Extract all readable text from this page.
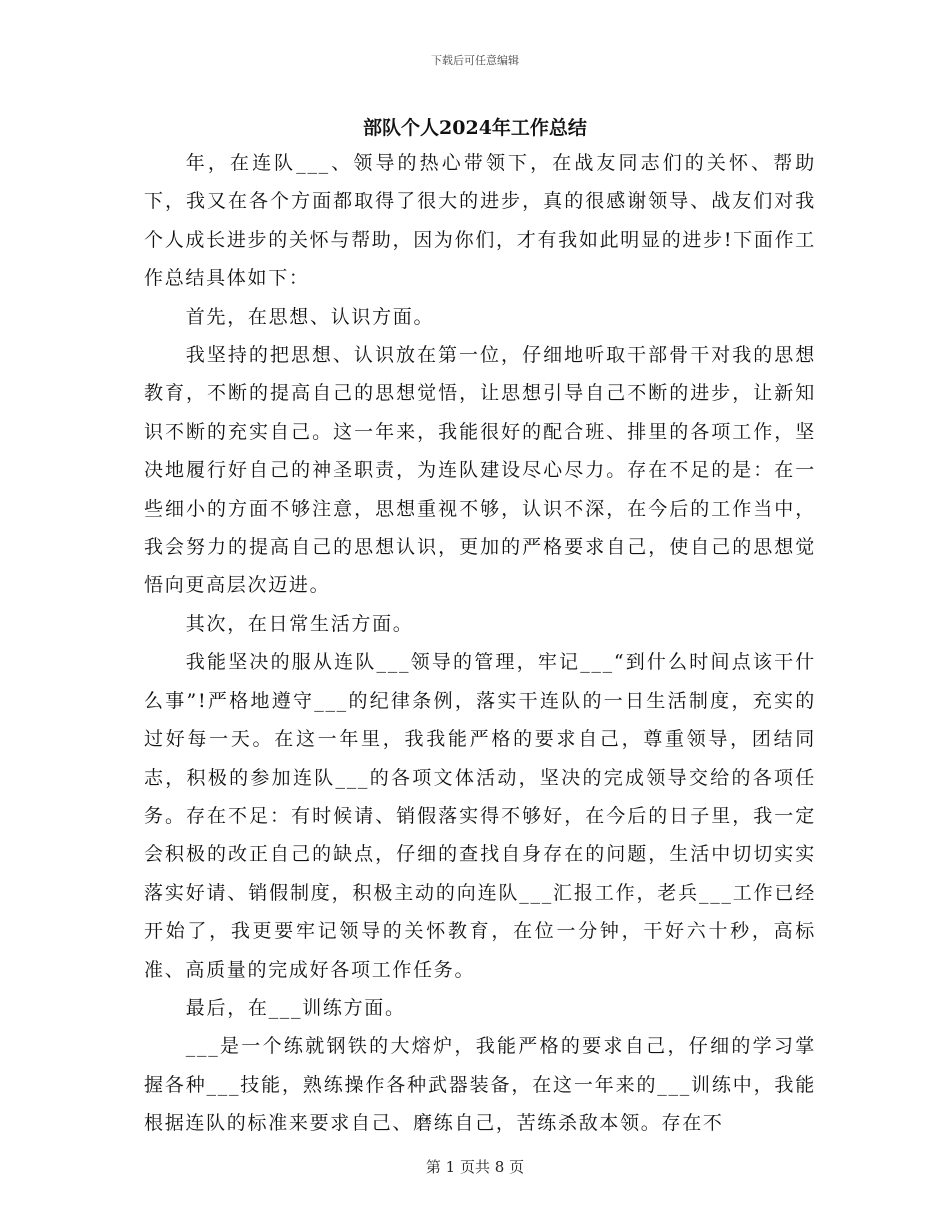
下载后可任意编辑
部队个人2024年工作总结

年，在连队___、领导的热心带领下，在战友同志们的关怀、帮助下，我又在各个方面都取得了很大的进步，真的很感谢领导、战友们对我个人成长进步的关怀与帮助，因为你们，才有我如此明显的进步!下面作工作总结具体如下：

首先，在思想、认识方面。

我坚持的把思想、认识放在第一位，仔细地听取干部骨干对我的思想教育，不断的提高自己的思想觉悟，让思想引导自己不断的进步，让新知识不断的充实自己。这一年来，我能很好的配合班、排里的各项工作，坚决地履行好自己的神圣职责，为连队建设尽心尽力。存在不足的是：在一些细小的方面不够注意，思想重视不够，认识不深，在今后的工作当中，我会努力的提高自己的思想认识，更加的严格要求自己，使自己的思想觉悟向更高层次迈进。

其次，在日常生活方面。

我能坚决的服从连队___领导的管理，牢记___“到什么时间点该干什么事”!严格地遵守___的纪律条例，落实干连队的一日生活制度，充实的过好每一天。在这一年里，我我能严格的要求自己，尊重领导，团结同志，积极的参加连队___的各项文体活动，坚决的完成领导交给的各项任务。存在不足：有时候请、销假落实得不够好，在今后的日子里，我一定会积极的改正自己的缺点，仔细的查找自身存在的问题，生活中切切实实落实好请、销假制度，积极主动的向连队___汇报工作，老兵___工作已经开始了，我更要牢记领导的关怀教育，在位一分钟，干好六十秒，高标准、高质量的完成好各项工作任务。

最后，在___训练方面。

___是一个练就钢铁的大熔炉，我能严格的要求自己，仔细的学习掌握各种___技能，熟练操作各种武器装备，在这一年来的___训练中，我能根据连队的标准来要求自己、磨练自己，苦练杀敌本领。存在不

第 1 页共 8 页
